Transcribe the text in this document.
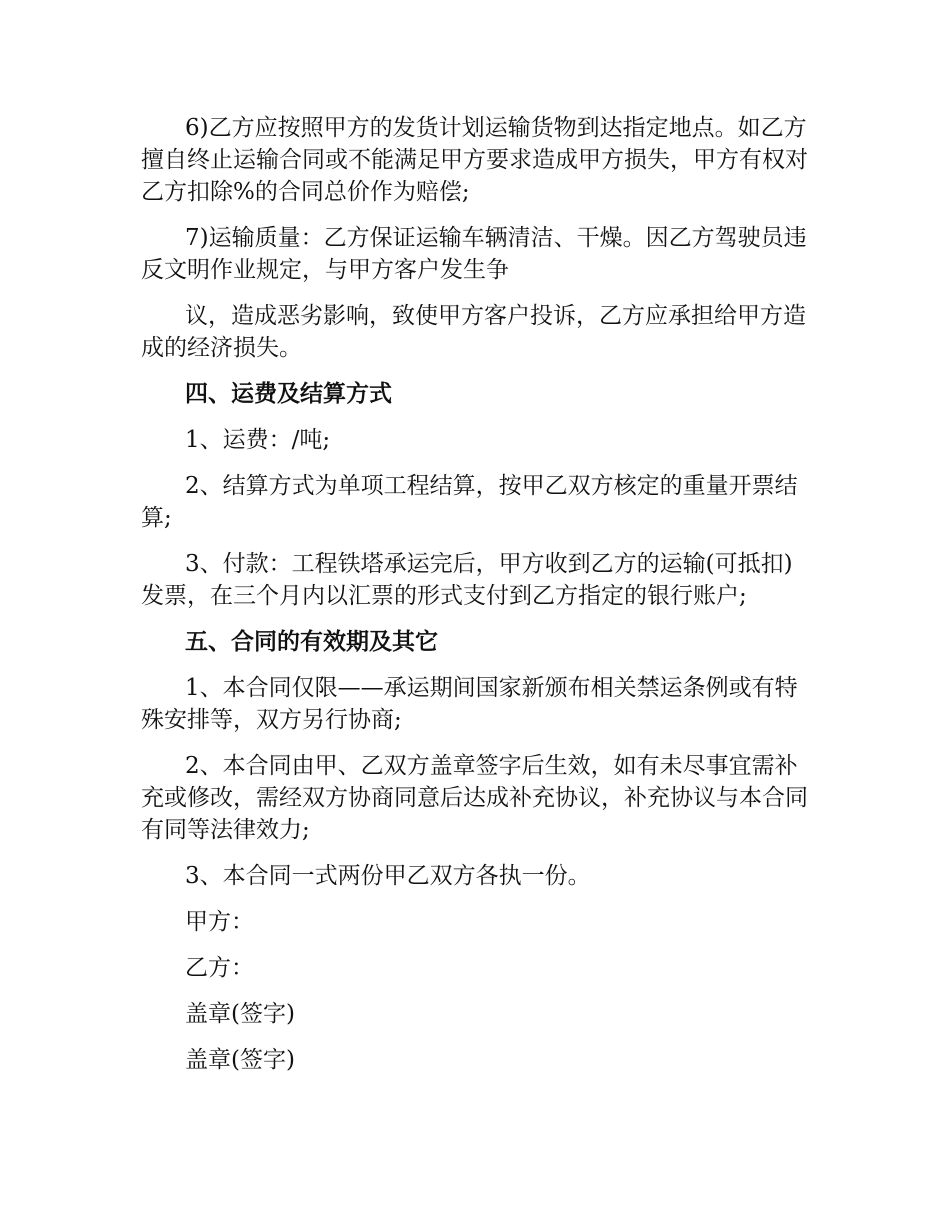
6)乙方应按照甲方的发货计划运输货物到达指定地点。如乙方擅自终止运输合同或不能满足甲方要求造成甲方损失，甲方有权对乙方扣除%的合同总价作为赔偿;

7)运输质量：乙方保证运输车辆清洁、干燥。因乙方驾驶员违反文明作业规定，与甲方客户发生争

议，造成恶劣影响，致使甲方客户投诉，乙方应承担给甲方造成的经济损失。

四、运费及结算方式

1、运费：/吨;

2、结算方式为单项工程结算，按甲乙双方核定的重量开票结算;

3、付款：工程铁塔承运完后，甲方收到乙方的运输(可抵扣)发票，在三个月内以汇票的形式支付到乙方指定的银行账户;

五、合同的有效期及其它

1、本合同仅限——承运期间国家新颁布相关禁运条例或有特殊安排等，双方另行协商;

2、本合同由甲、乙双方盖章签字后生效，如有未尽事宜需补充或修改，需经双方协商同意后达成补充协议，补充协议与本合同有同等法律效力;

3、本合同一式两份甲乙双方各执一份。

甲方：

乙方：

盖章(签字)

盖章(签字)
